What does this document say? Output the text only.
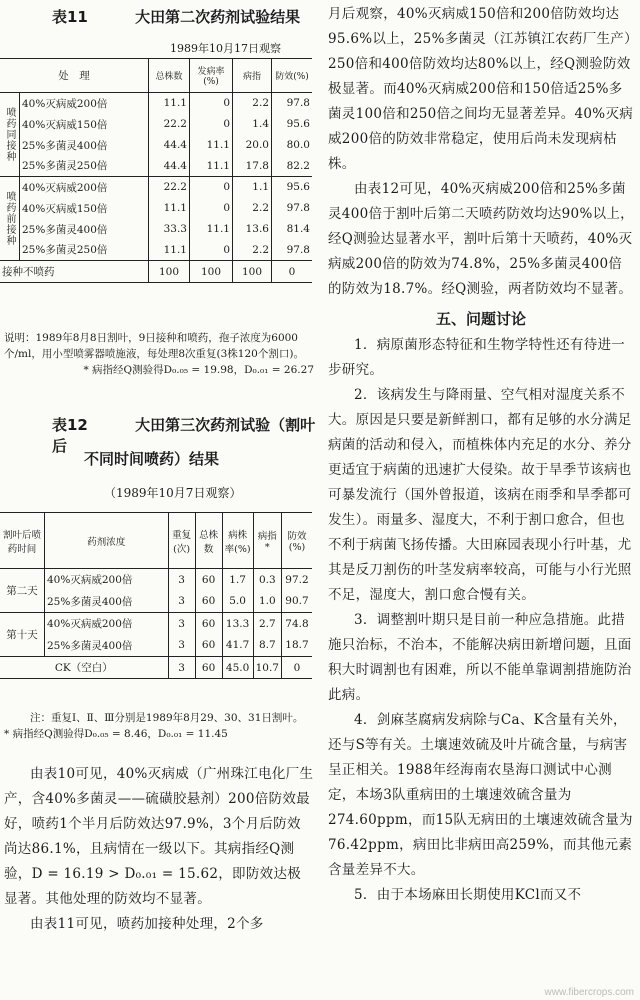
表11	大田第二次药剂试验结果
1989年10月17日观察
处　理		总株数	发病率(%)	病指	防效(%)
喷药同接种	40%灭病威200倍	11.1	0	2.2	97.8
	40%灭病威150倍	22.2	0	1.4	95.6
	25%多菌灵400倍	44.4	11.1	20.0	80.0
	25%多菌灵250倍	44.4	11.1	17.8	82.2
喷药前接种	40%灭病威200倍	22.2	0	1.1	95.6
	40%灭病威150倍	11.1	0	2.2	97.8
	25%多菌灵400倍	33.3	11.1	13.6	81.4
	25%多菌灵250倍	11.1	0	2.2	97.8
接种不喷药		100	100	100	0
说明：1989年8月8日割叶，9日接种和喷药，孢子浓度为6000个/ml，用小型喷雾器喷施液，每处理8次重复(3株120个割口)。
* 病指经Q测验得D₀.₀₅ = 19.98，D₀.₀₁ = 26.27
表12	大田第三次药剂试验（割叶后
不同时间喷药）结果
（1989年10月7日观察）
割叶后喷药时间	药剂浓度	重复(次)	总株数	病株率(%)	病指*	防效(%)
第二天	40%灭病威200倍	3	60	1.7	0.3	97.2
	25%多菌灵400倍	3	60	5.0	1.0	90.7
第十天	40%灭病威200倍	3	60	13.3	2.7	74.8
	25%多菌灵400倍	3	60	41.7	8.7	18.7
CK（空白）		3	60	45.0	10.7	0
注：重复Ⅰ、Ⅱ、Ⅲ分别是1989年8月29、30、31日割叶。
* 病指经Q测验得D₀.₀₅ = 8.46，D₀.₀₁ = 11.45

由表10可见，40%灭病威（广州珠江电化厂生产，含40%多菌灵——硫磺胶悬剂）200倍防效最好，喷药1个半月后防效达97.9%，3个月后防效尚达86.1%，且病情在一级以下。其病指经Q测验，D = 16.19 > D₀.₀₁ = 15.62，即防效达极显著。其他处理的防效均不显著。

由表11可见，喷药加接种处理，2个多

月后观察，40%灭病威150倍和200倍防效均达95.6%以上，25%多菌灵（江苏镇江农药厂生产）250倍和400倍防效均达80%以上，经Q测验防效极显著。而40%灭病威200倍和150倍适25%多菌灵100倍和250倍之间均无显著差异。40%灭病威200倍的防效非常稳定，使用后尚未发现病枯株。

由表12可见，40%灭病威200倍和25%多菌灵400倍于割叶后第二天喷药防效均达90%以上，经Q测验达显著水平，割叶后第十天喷药，40%灭病威200倍的防效为74.8%，25%多菌灵400倍的防效为18.7%。经Q测验，两者防效均不显著。

五、问题讨论

1．病原菌形态特征和生物学特性还有待进一步研究。

2．该病发生与降雨量、空气相对湿度关系不大。原因是只要是新鲜割口，都有足够的水分满足病菌的活动和侵入，而植株体内充足的水分、养分更适宜于病菌的迅速扩大侵染。故于旱季节该病也可暴发流行（国外曾报道，该病在雨季和旱季都可发生）。雨量多、湿度大，不利于割口愈合，但也不利于病菌飞扬传播。大田麻园表现小行叶基，尤其是反刀割伤的叶茎发病率较高，可能与小行光照不足，湿度大，割口愈合慢有关。

3．调整割叶期只是目前一种应急措施。此措施只治标，不治本，不能解决病田新增问题，且面积大时调割也有困难，所以不能单靠调割措施防治此病。

4．剑麻茎腐病发病除与Ca、K含量有关外，还与S等有关。土壤速效硫及叶片硫含量，与病害呈正相关。1988年经海南农垦海口测试中心测定，本场3队重病田的土壤速效硫含量为274.60ppm，而15队无病田的土壤速效硫含量为76.42ppm，病田比非病田高259%，而其他元素含量差异不大。

5．由于本场麻田长期使用KCl而又不

www.fibercrops.com
